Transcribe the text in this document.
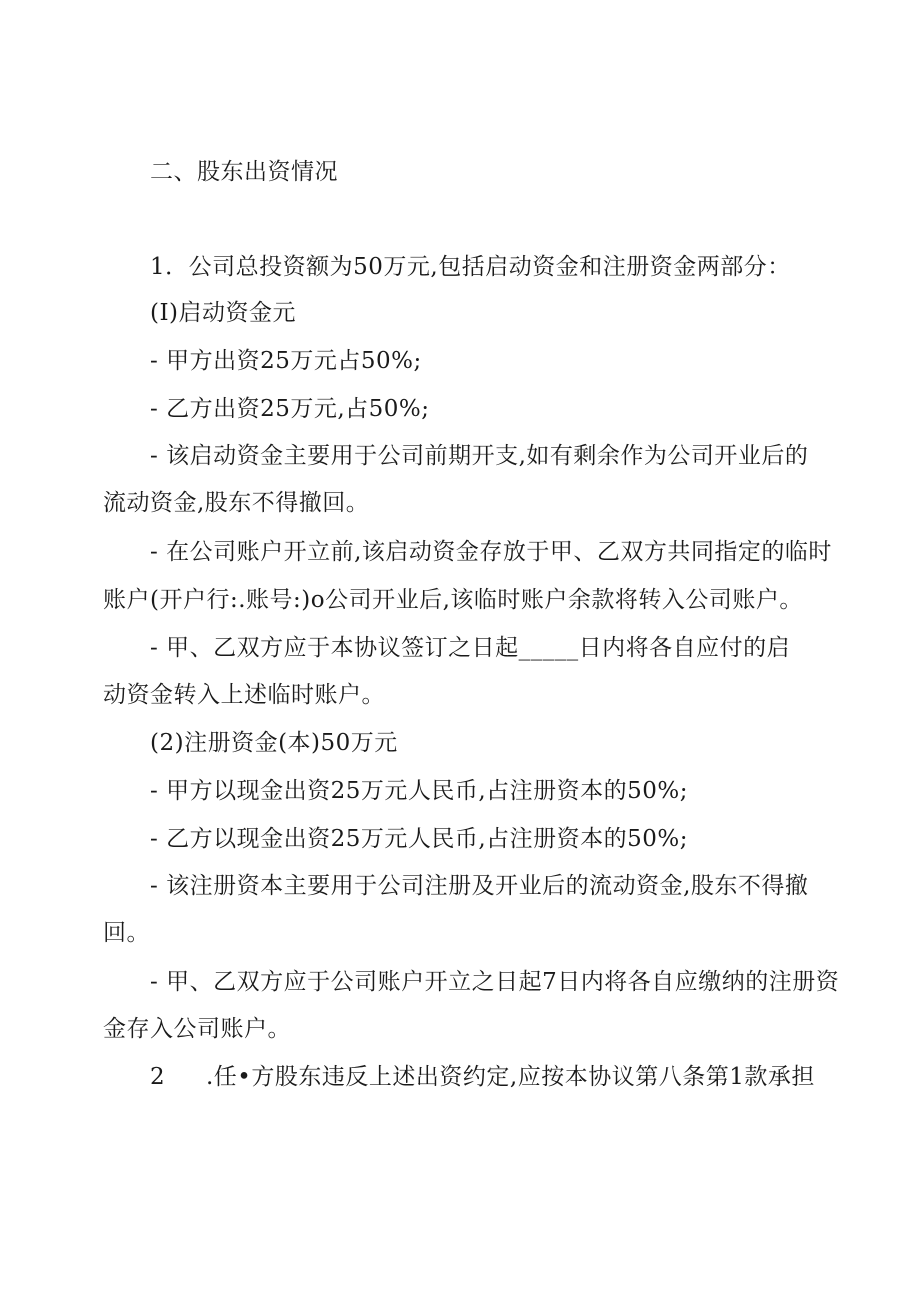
二、股东出资情况
1．公司总投资额为50万元,包括启动资金和注册资金两部分：
(I)启动资金元
- 甲方出资25万元占50%;
- 乙方出资25万元,占50%;
- 该启动资金主要用于公司前期开支,如有剩余作为公司开业后的
流动资金,股东不得撤回。
- 在公司账户开立前,该启动资金存放于甲、乙双方共同指定的临时
账户(开户行:.账号:)o公司开业后,该临时账户余款将转入公司账户。
- 甲、乙双方应于本协议签订之日起_____日内将各自应付的启
动资金转入上述临时账户。
(2)注册资金(本)50万元
- 甲方以现金出资25万元人民币,占注册资本的50%;
- 乙方以现金出资25万元人民币,占注册资本的50%;
- 该注册资本主要用于公司注册及开业后的流动资金,股东不得撤
回。
- 甲、乙双方应于公司账户开立之日起7日内将各自应缴纳的注册资
金存入公司账户。
2 .任•方股东违反上述出资约定,应按本协议第八条第1款承担
